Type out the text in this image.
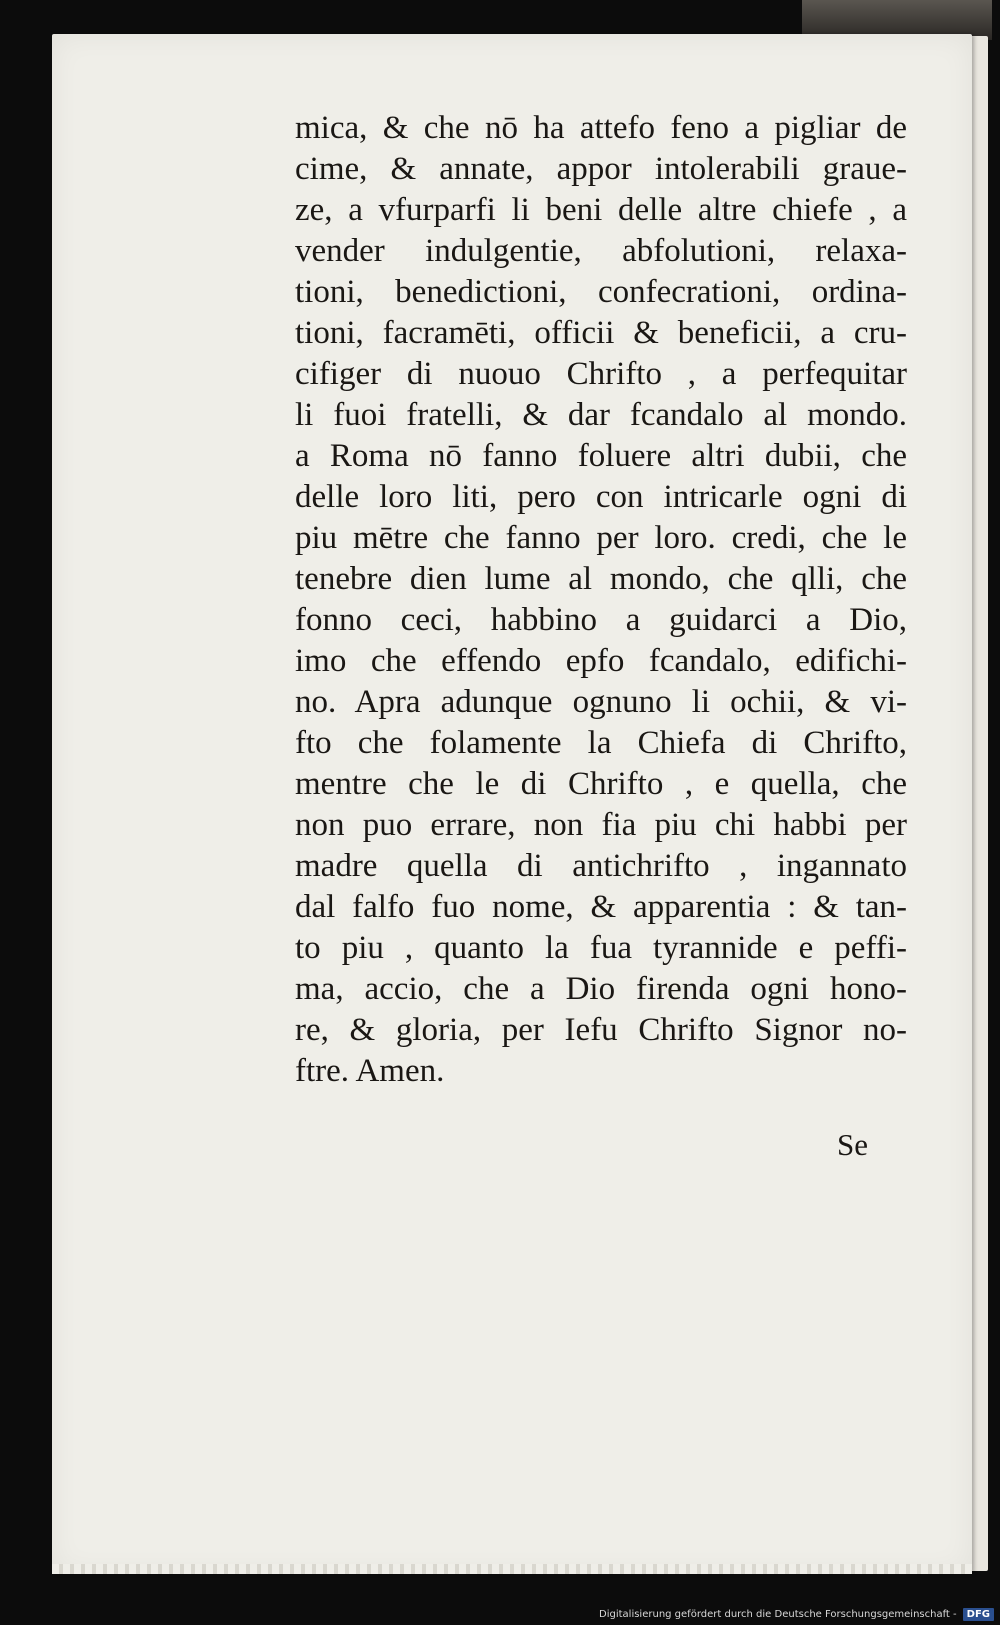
mica, & che nō ha attefo feno a pigliar de
cime, & annate, appor intolerabili graue-
ze, a vfurparfi li beni delle altre chiefe , a
vender indulgentie, abfolutioni, relaxa-
tioni, benedictioni, confecrationi, ordina-
tioni, facramēti, officii & beneficii, a cru-
cifiger di nuouo Chrifto , a perfequitar
li fuoi fratelli, & dar fcandalo al mondo.
a Roma nō fanno foluere altri dubii, che
delle loro liti, pero con intricarle ogni di
piu mētre che fanno per loro. credi, che le
tenebre dien lume al mondo, che qlli, che
fonno ceci, habbino a guidarci a Dio,
imo che effendo epfo fcandalo, edifichi-
no. Apra adunque ognuno li ochii, & vi-
fto che folamente la Chiefa di Chrifto,
mentre che le di Chrifto , e quella, che
non puo errare, non fia piu chi habbi per
madre quella di antichrifto , ingannato
dal falfo fuo nome, & apparentia : & tan-
to piu , quanto la fua tyrannide e peffi-
ma, accio, che a Dio firenda ogni hono-
re, & gloria, per Iefu Chrifto Signor no-
ftre. Amen.
Se
Digitalisierung gefördert durch die Deutsche Forschungsgemeinschaft -	DFG
